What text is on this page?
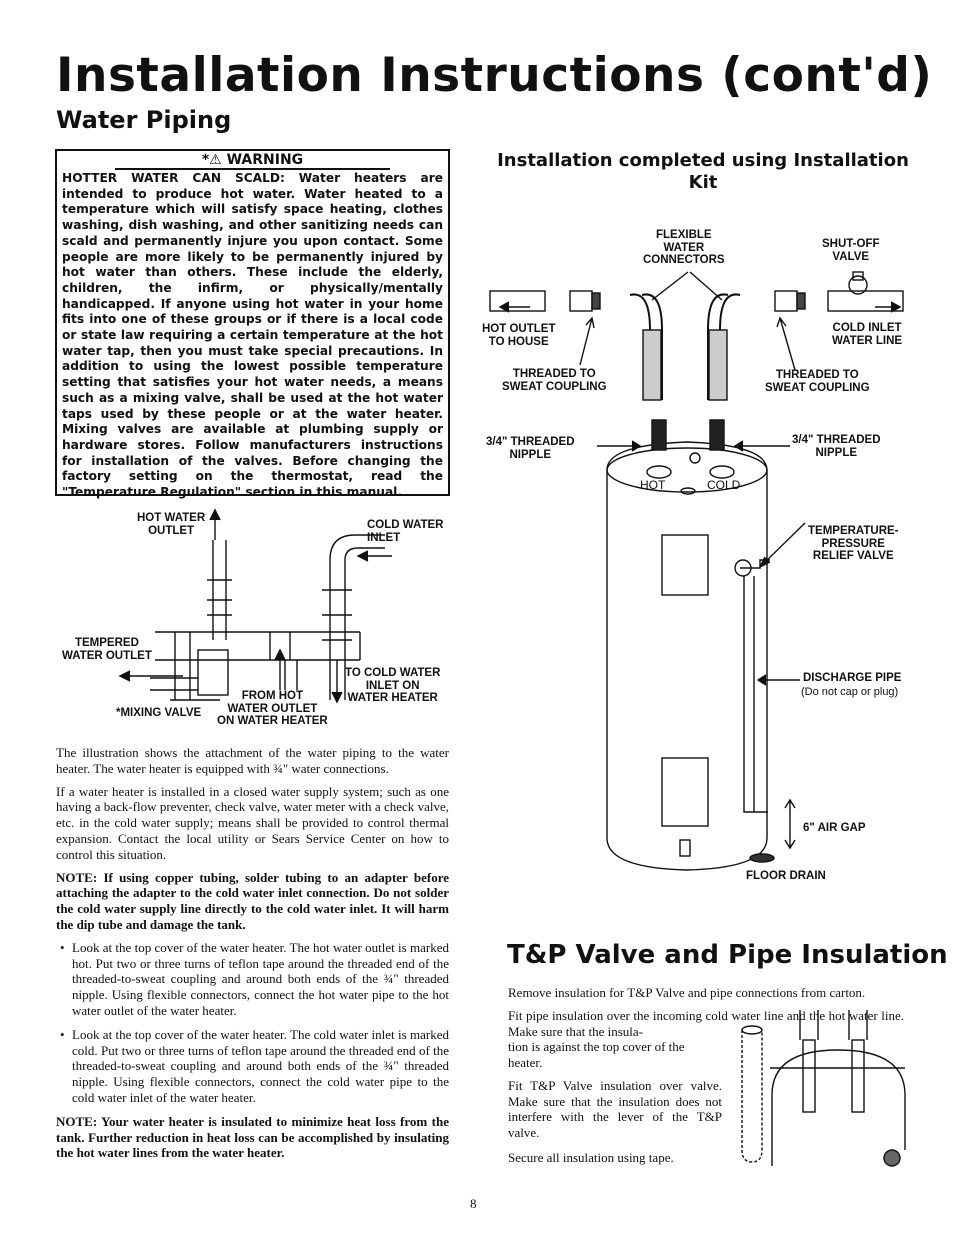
Installation Instructions (cont'd)
Water Piping
*⚠ WARNING
HOTTER WATER CAN SCALD: Water heaters are intended to produce hot water. Water heated to a temperature which will satisfy space heating, clothes washing, dish washing, and other sanitizing needs can scald and permanently injure you upon contact. Some people are more likely to be permanently injured by hot water than others. These include the elderly, children, the infirm, or physically/mentally handicapped. If anyone using hot water in your home fits into one of these groups or if there is a local code or state law requiring a certain temperature at the hot water tap, then you must take special precautions. In addition to using the lowest possible temperature setting that satisfies your hot water needs, a means such as a mixing valve, shall be used at the hot water taps used by these people or at the water heater. Mixing valves are available at plumbing supply or hardware stores. Follow manufacturers instructions for installation of the valves. Before changing the factory setting on the thermostat, read the "Temperature Regulation" section in this manual.
HOT WATER
OUTLET	COLD WATER
INLET
TEMPERED
WATER OUTLET
TO COLD WATER
INLET ON
WATER HEATER
FROM HOT
WATER OUTLET
ON WATER HEATER
*MIXING VALVE

The illustration shows the attachment of the water piping to the water heater. The water heater is equipped with ¾" water connections.

If a water heater is installed in a closed water supply system; such as one having a back-flow preventer, check valve, water meter with a check valve, etc. in the cold water supply; means shall be provided to control thermal expansion. Contact the local utility or Sears Service Center on how to control this situation.

NOTE: If using copper tubing, solder tubing to an adapter before attaching the adapter to the cold water inlet connection. Do not solder the cold water supply line directly to the cold water inlet. It will harm the dip tube and damage the tank.

• Look at the top cover of the water heater. The hot water outlet is marked hot. Put two or three turns of teflon tape around the threaded end of the threaded-to-sweat coupling and around both ends of the ¾" threaded nipple. Using flexible connectors, connect the hot water pipe to the hot water outlet of the water heater.
• Look at the top cover of the water heater. The cold water inlet is marked cold. Put two or three turns of teflon tape around the threaded end of the threaded-to-sweat coupling and around both ends of the ¾" threaded nipple. Using flexible connectors, connect the cold water pipe to the cold water inlet of the water heater.

NOTE: Your water heater is insulated to minimize heat loss from the tank. Further reduction in heat loss can be accomplished by insulating the hot water lines from the water heater.

Installation completed using Installation Kit
FLEXIBLE
WATER
CONNECTORS
SHUT-OFF
VALVE
HOT OUTLET
TO HOUSE
COLD INLET
WATER LINE
THREADED TO
SWEAT COUPLING
THREADED TO
SWEAT COUPLING
3/4" THREADED
NIPPLE
3/4" THREADED
NIPPLE
HOT	COLD
TEMPERATURE-
PRESSURE
RELIEF VALVE
DISCHARGE PIPE
(Do not cap or plug)
6" AIR GAP
FLOOR DRAIN
T&P Valve and Pipe Insulation
Remove insulation for T&P Valve and pipe connections from carton.
Fit pipe insulation over the incoming cold water line and the hot water line. Make sure that the insula-
tion is against the top cover of the heater.
Fit T&P Valve insulation over valve. Make sure that the insulation does not interfere with the lever of the T&P valve.
Secure all insulation using tape.
8
